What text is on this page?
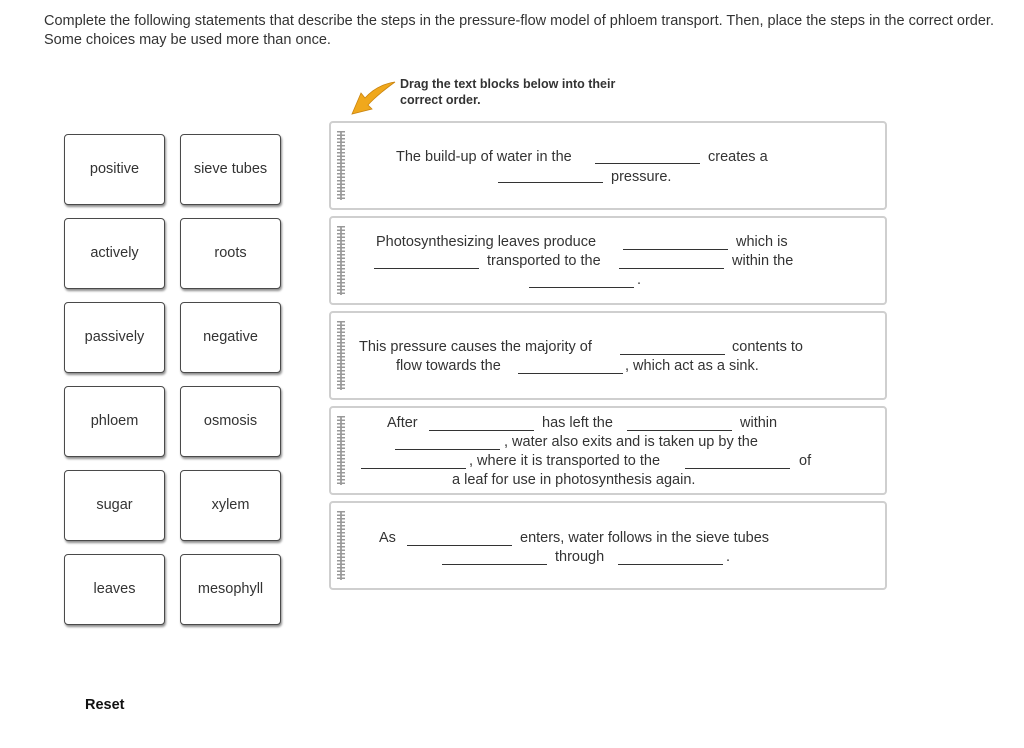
Complete the following statements that describe the steps in the pressure-flow model of phloem transport. Then, place the steps in the correct order. Some choices may be used more than once.
Drag the text blocks below into their
correct order.
positive	sieve tubes
actively	roots
passively	negative
phloem	osmosis
sugar	xylem
leaves	mesophyll
The build-up of water in the	creates a
pressure.
Photosynthesizing leaves produce	which is
transported to the	within the
.
This pressure causes the majority of	contents to
flow towards the	, which act as a sink.
After	has left the	within
, water also exits and is taken up by the
, where it is transported to the	of
a leaf for use in photosynthesis again.
As	enters, water follows in the sieve tubes
through	.
Reset
